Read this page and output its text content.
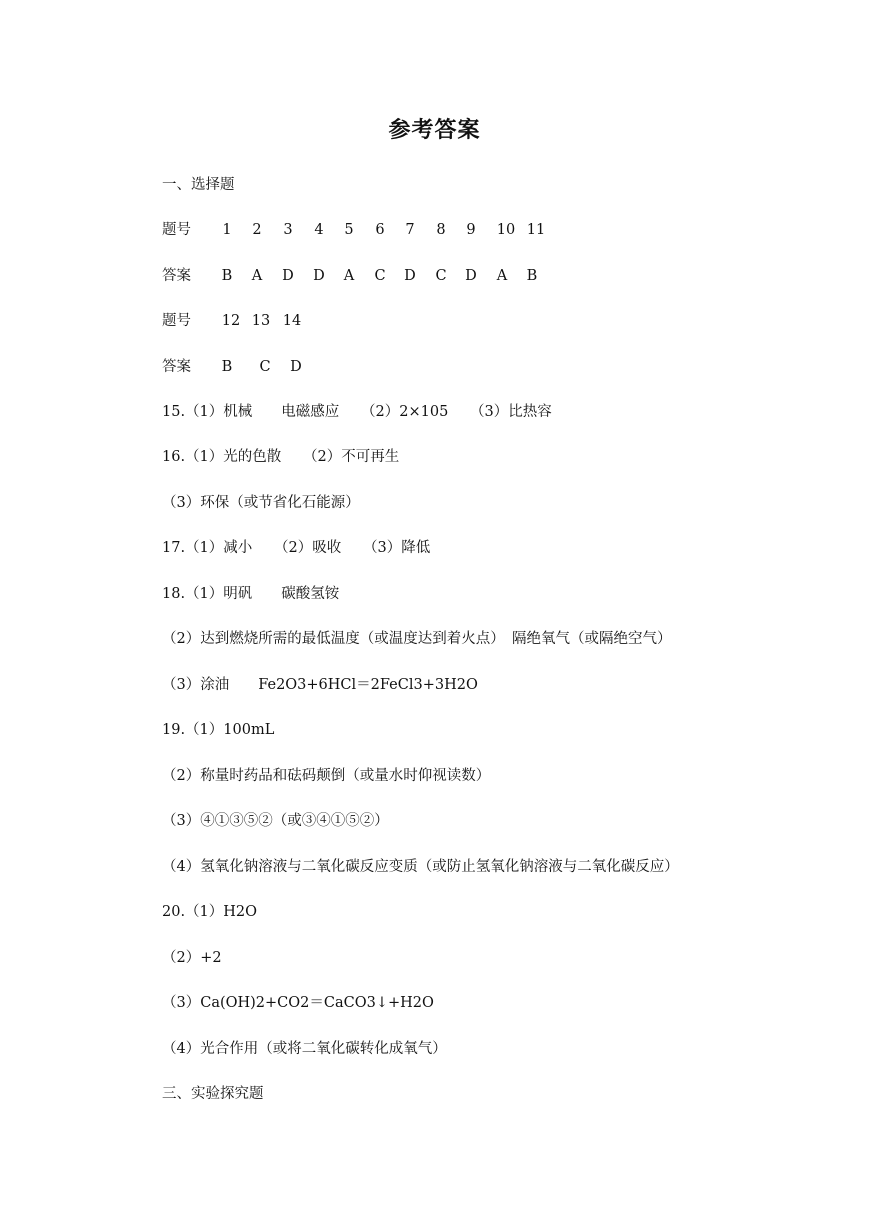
参考答案
一、选择题
题号	1	2	3	4	5	6	7	8	9	10 11
答案	B	A	D	D	A	C	D	C	D	A	B
题号	12 13 14
答案	B	C	D
15.（1）机械　　电磁感应　　（2）2×105　　（3）比热容
16.（1）光的色散　　（2）不可再生
（3）环保（或节省化石能源）
17.（1）减小　　（2）吸收　　（3）降低
18.（1）明矾　　碳酸氢铵
（2）达到燃烧所需的最低温度（或温度达到着火点）　隔绝氧气（或隔绝空气）
（3）涂油　　Fe2O3+6HCl＝2FeCl3+3H2O
19.（1）100mL
（2）称量时药品和砝码颠倒（或量水时仰视读数）
（3）④①③⑤②（或③④①⑤②）
（4）氢氧化钠溶液与二氧化碳反应变质（或防止氢氧化钠溶液与二氧化碳反应）
20.（1）H2O
（2）+2
（3）Ca(OH)2+CO2＝CaCO3↓+H2O
（4）光合作用（或将二氧化碳转化成氧气）
三、实验探究题
